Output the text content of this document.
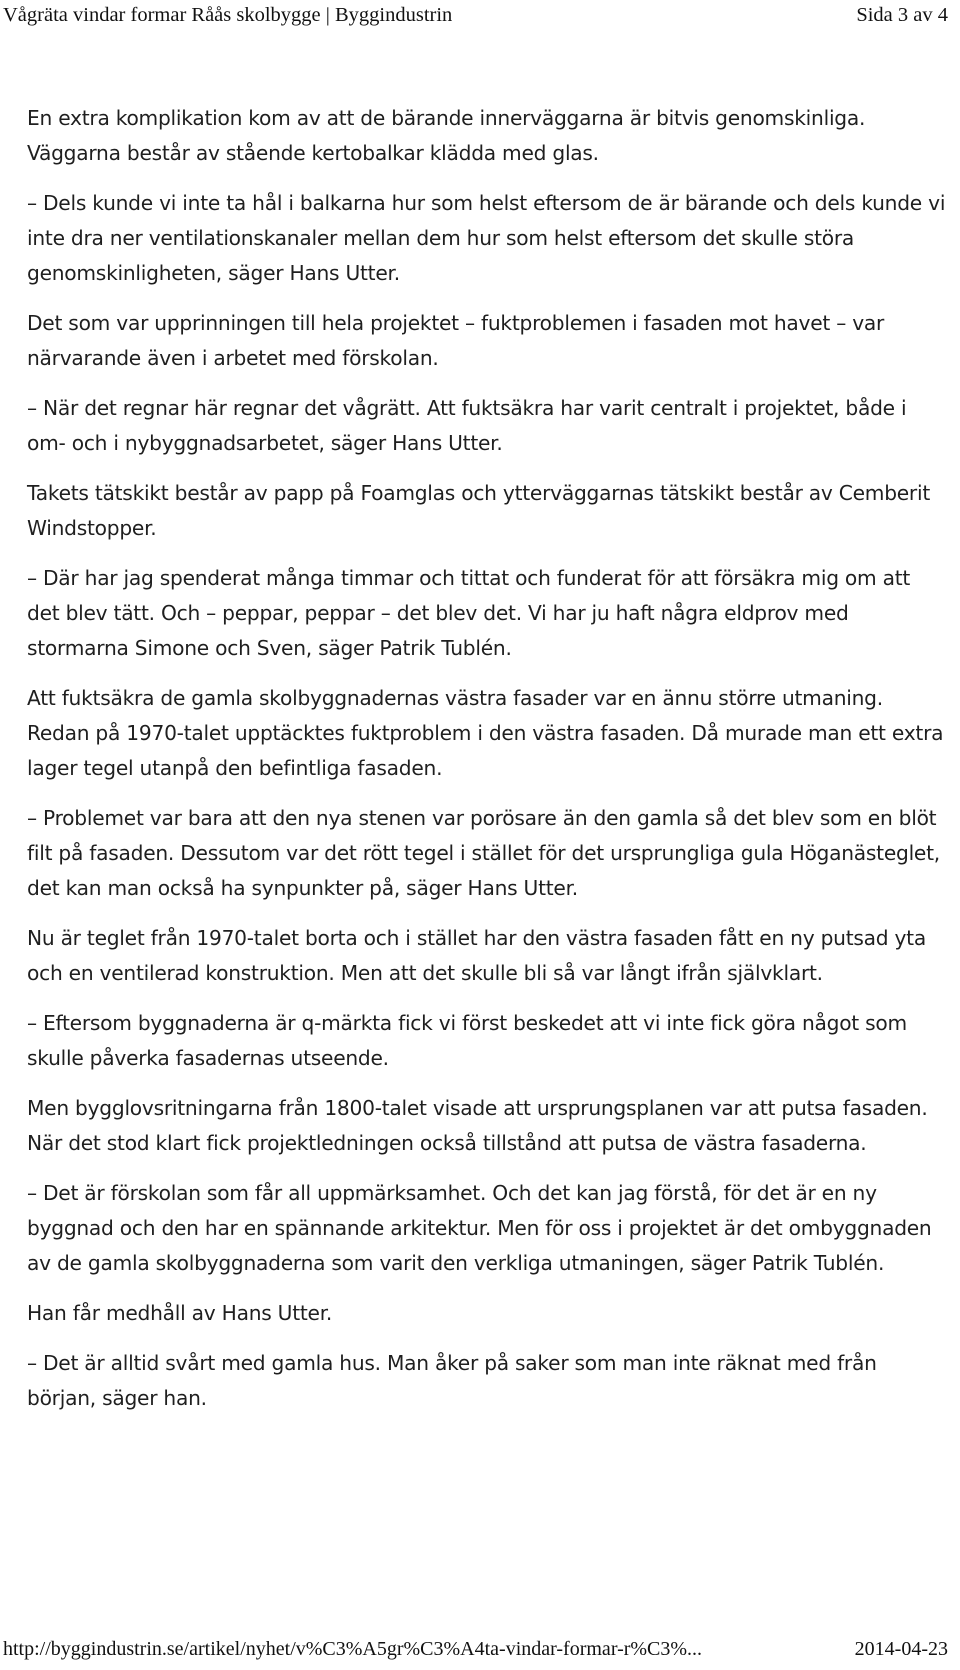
Vågräta vindar formar Råås skolbygge | Byggindustrin	Sida 3 av 4

En extra komplikation kom av att de bärande innerväggarna är bitvis genomskinliga. Väggarna består av stående kertobalkar klädda med glas.

– Dels kunde vi inte ta hål i balkarna hur som helst eftersom de är bärande och dels kunde vi inte dra ner ventilationskanaler mellan dem hur som helst eftersom det skulle störa genomskinligheten, säger Hans Utter.

Det som var upprinningen till hela projektet – fuktproblemen i fasaden mot havet – var närvarande även i arbetet med förskolan.

– När det regnar här regnar det vågrätt. Att fuktsäkra har varit centralt i projektet, både i om- och i nybyggnadsarbetet, säger Hans Utter.

Takets tätskikt består av papp på Foamglas och ytterväggarnas tätskikt består av Cemberit Windstopper.

– Där har jag spenderat många timmar och tittat och funderat för att försäkra mig om att det blev tätt. Och – peppar, peppar – det blev det. Vi har ju haft några eldprov med stormarna Simone och Sven, säger Patrik Tublén.

Att fuktsäkra de gamla skolbyggnadernas västra fasader var en ännu större utmaning. Redan på 1970-talet upptäcktes fuktproblem i den västra fasaden. Då murade man ett extra lager tegel utanpå den befintliga fasaden.

– Problemet var bara att den nya stenen var porösare än den gamla så det blev som en blöt filt på fasaden. Dessutom var det rött tegel i stället för det ursprungliga gula Höganästeglet, det kan man också ha synpunkter på, säger Hans Utter.

Nu är teglet från 1970-talet borta och i stället har den västra fasaden fått en ny putsad yta och en ventilerad konstruktion. Men att det skulle bli så var långt ifrån självklart.

– Eftersom byggnaderna är q-märkta fick vi först beskedet att vi inte fick göra något som skulle påverka fasadernas utseende.

Men bygglovsritningarna från 1800-talet visade att ursprungsplanen var att putsa fasaden. När det stod klart fick projektledningen också tillstånd att putsa de västra fasaderna.

– Det är förskolan som får all uppmärksamhet. Och det kan jag förstå, för det är en ny byggnad och den har en spännande arkitektur. Men för oss i projektet är det ombyggnaden av de gamla skolbyggnaderna som varit den verkliga utmaningen, säger Patrik Tublén.

Han får medhåll av Hans Utter.

– Det är alltid svårt med gamla hus. Man åker på saker som man inte räknat med från början, säger han.

http://byggindustrin.se/artikel/nyhet/v%C3%A5gr%C3%A4ta-vindar-formar-r%C3%...	2014-04-23
